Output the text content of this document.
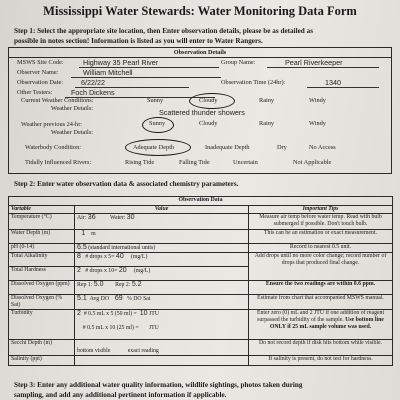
Mississippi Water Stewards: Water Monitoring Data Form
Step 1: Select the appropriate site location, then Enter observation details, please be as detailed as
possible in notes section! Information is listed as you will enter to Water Rangers.
Observation Details
MSWS Site Code:	Highway 35 Pearl River	Group Name:	Pearl Riverkeeper
Observer Name:	William Mitchell
Observation Date:	6/22/22	Observation Time (24hr):	1340
Other Testers:	Foch Dickens
Current Weather Conditions:
Weather Details:
Sunny	Cloudy	Rainy	Windy
Scattered thunder showers
Weather previous 24-hr:
Weather Details:
Sunny	Cloudy	Rainy	Windy
Waterbody Condition:	Adequate Depth	Inadequate Depth	Dry	No Access
Tidally Influenced Rivers:	Rising Tide	Falling Tide	Uncertain	Not Applicable
Step 2: Enter water observation data & associated chemistry parameters.
Observation Data		
Variable	Value	Important Tips
Temperature (°C)	Air: 36 Water: 30	Measure air temp before water temp. Read with bulb submerged if possible. Don't touch bulb.
Water Depth (m)	1 m	This can be an estimation or exact measurement.
pH (0-14)	6.5 (standard international units)	Record to nearest 0.5 unit.
Total Alkalinity	8 # drops x 5= 40 (mg/L)	Add drops until no more color change; record number of drops that produced final change.
Total Hardness	2 # drops x 10= 20 (mg/L)	
Dissolved Oxygen (ppm)	Rep 1: 5.0 Rep 2: 5.2	Ensure the two readings are within 0.6 ppm.
Dissolved Oxygen (% Sat)	5.1 Avg DO 69 % DO Sat	Estimate from chart that accompanied MSWS manual.
Turbidity	2 # 0.5 mL x 5 (50 ml) = 10 JTU

# 0.5 mL x 10 (25 ml) = JTU	Enter zero (0) mL and 2 JTU if one addition of reagent surpassed the turbidity of the sample. Use bottom line ONLY if 25 mL sample volume was used.
Secchi Depth (m)	bottom visible exact reading	Do not record depth if disk hits bottom while visible.
Salinity (ppt)		If salinity is present, do not test for hardness.
Step 3: Enter any additional water quality information, wildlife sightings, photos taken during
sampling, and add any additional pertinent information if applicable.
